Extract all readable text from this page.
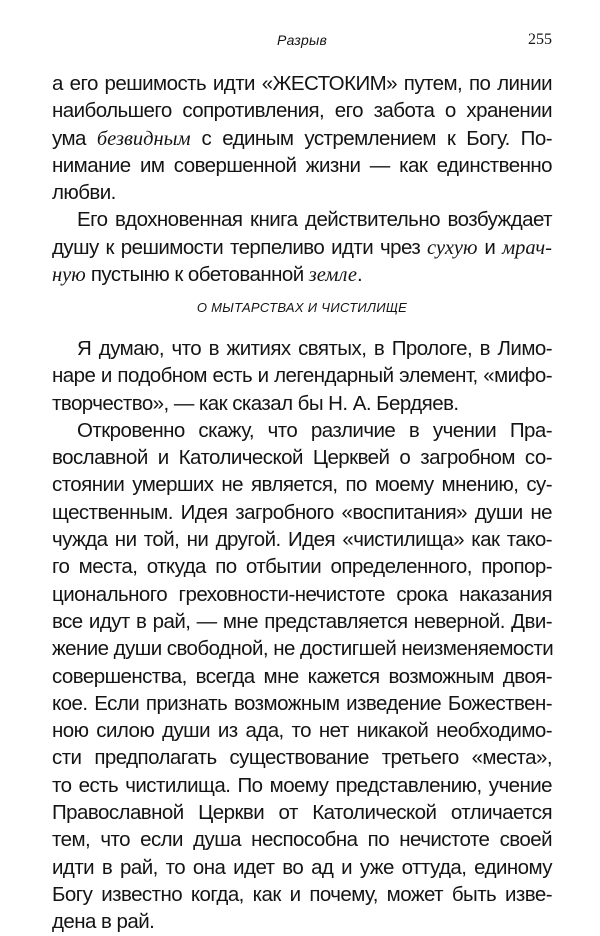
Разрыв	255
а его решимость идти «ЖЕСТОКИМ» путем, по линии
наибольшего сопротивления, его забота о хранении
ума безвидным с единым устремлением к Богу. По-
нимание им совершенной жизни — как единственно
любви.
Его вдохновенная книга действительно возбуждает
душу к решимости терпеливо идти чрез сухую и мрач-
ную пустыню к обетованной земле.
О МЫТАРСТВАХ И ЧИСТИЛИЩЕ
Я думаю, что в житиях святых, в Прологе, в Лимо-
наре и подобном есть и легендарный элемент, «мифо-
творчество», — как сказал бы Н. А. Бердяев.
Откровенно скажу, что различие в учении Пра-
вославной и Католической Церквей о загробном со-
стоянии умерших не является, по моему мнению, су-
щественным. Идея загробного «воспитания» души не
чужда ни той, ни другой. Идея «чистилища» как тако-
го места, откуда по отбытии определенного, пропор-
ционального греховности-нечистоте срока наказания
все идут в рай, — мне представляется неверной. Дви-
жение души свободной, не достигшей неизменяемости
совершенства, всегда мне кажется возможным двоя-
кое. Если признать возможным изведение Божествен-
ною силою души из ада, то нет никакой необходимо-
сти предполагать существование третьего «места»,
то есть чистилища. По моему представлению, учение
Православной Церкви от Католической отличается
тем, что если душа неспособна по нечистоте своей
идти в рай, то она идет во ад и уже оттуда, единому
Богу известно когда, как и почему, может быть изве-
дена в рай.
